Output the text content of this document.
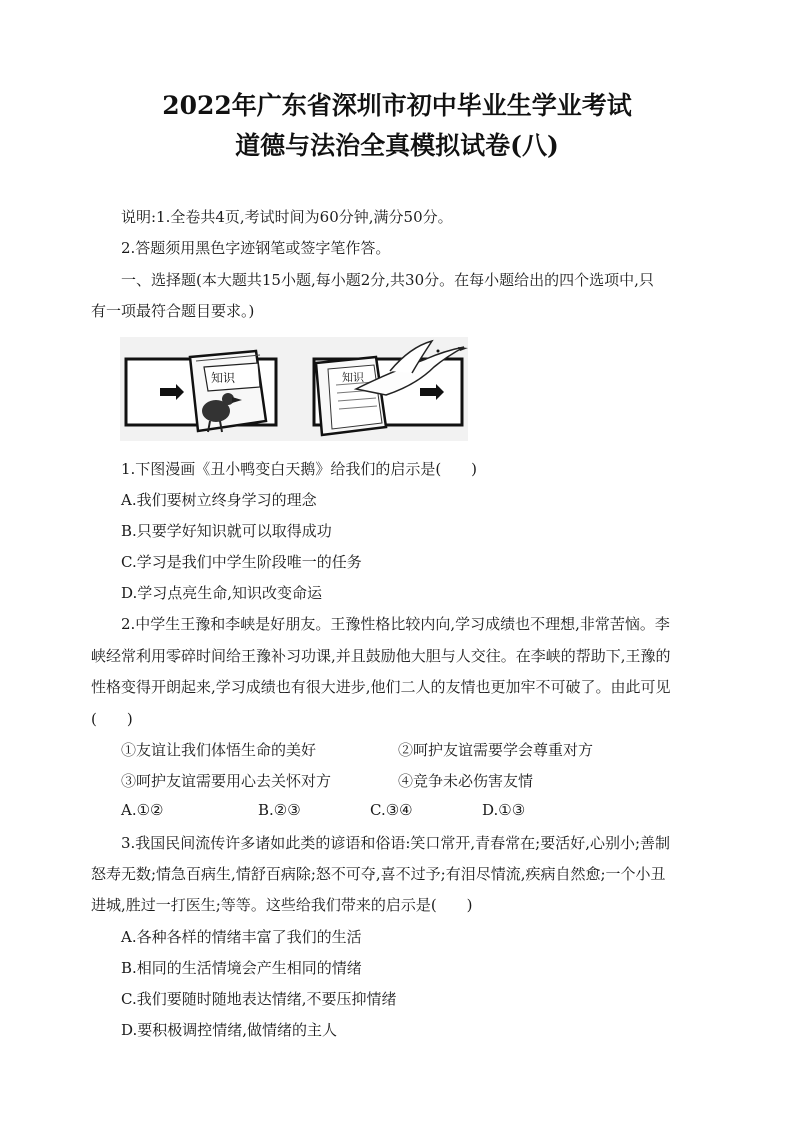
2022年广东省深圳市初中毕业生学业考试
道德与法治全真模拟试卷(八)
说明:1.全卷共4页,考试时间为60分钟,满分50分。
2.答题须用黑色字迹钢笔或签字笔作答。
一、选择题(本大题共15小题,每小题2分,共30分。在每小题给出的四个选项中,只
有一项最符合题目要求。)
知识	知识
1.下图漫画《丑小鸭变白天鹅》给我们的启示是(　　)
A.我们要树立终身学习的理念
B.只要学好知识就可以取得成功
C.学习是我们中学生阶段唯一的任务
D.学习点亮生命,知识改变命运
2.中学生王豫和李峡是好朋友。王豫性格比较内向,学习成绩也不理想,非常苦恼。李
峡经常利用零碎时间给王豫补习功课,并且鼓励他大胆与人交往。在李峡的帮助下,王豫的
性格变得开朗起来,学习成绩也有很大进步,他们二人的友情也更加牢不可破了。由此可见
(　　)
①友谊让我们体悟生命的美好	②呵护友谊需要学会尊重对方
③呵护友谊需要用心去关怀对方	④竞争未必伤害友情
A.①②	B.②③	C.③④	D.①③
3.我国民间流传许多诸如此类的谚语和俗语:笑口常开,青春常在;要活好,心别小;善制
怒寿无数;情急百病生,情舒百病除;怒不可夺,喜不过予;有泪尽情流,疾病自然愈;一个小丑
进城,胜过一打医生;等等。这些给我们带来的启示是(　　)
A.各种各样的情绪丰富了我们的生活
B.相同的生活情境会产生相同的情绪
C.我们要随时随地表达情绪,不要压抑情绪
D.要积极调控情绪,做情绪的主人
